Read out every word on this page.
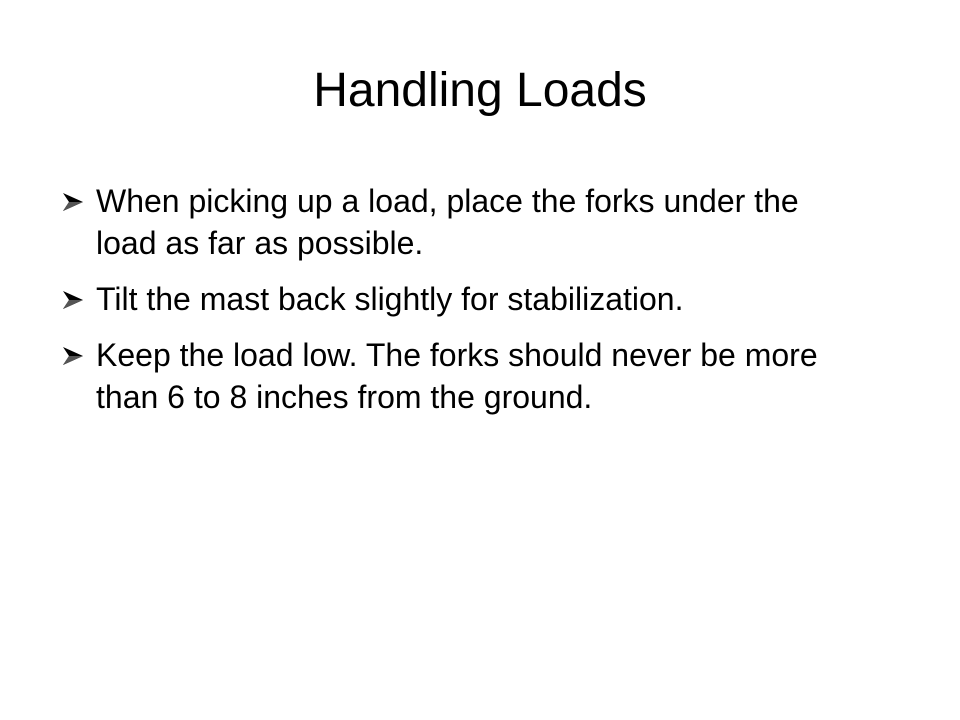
Handling Loads
When picking up a load, place the forks under the load as far as possible.
Tilt the mast back slightly for stabilization.
Keep the load low. The forks should never be more than 6 to 8 inches from the ground.
